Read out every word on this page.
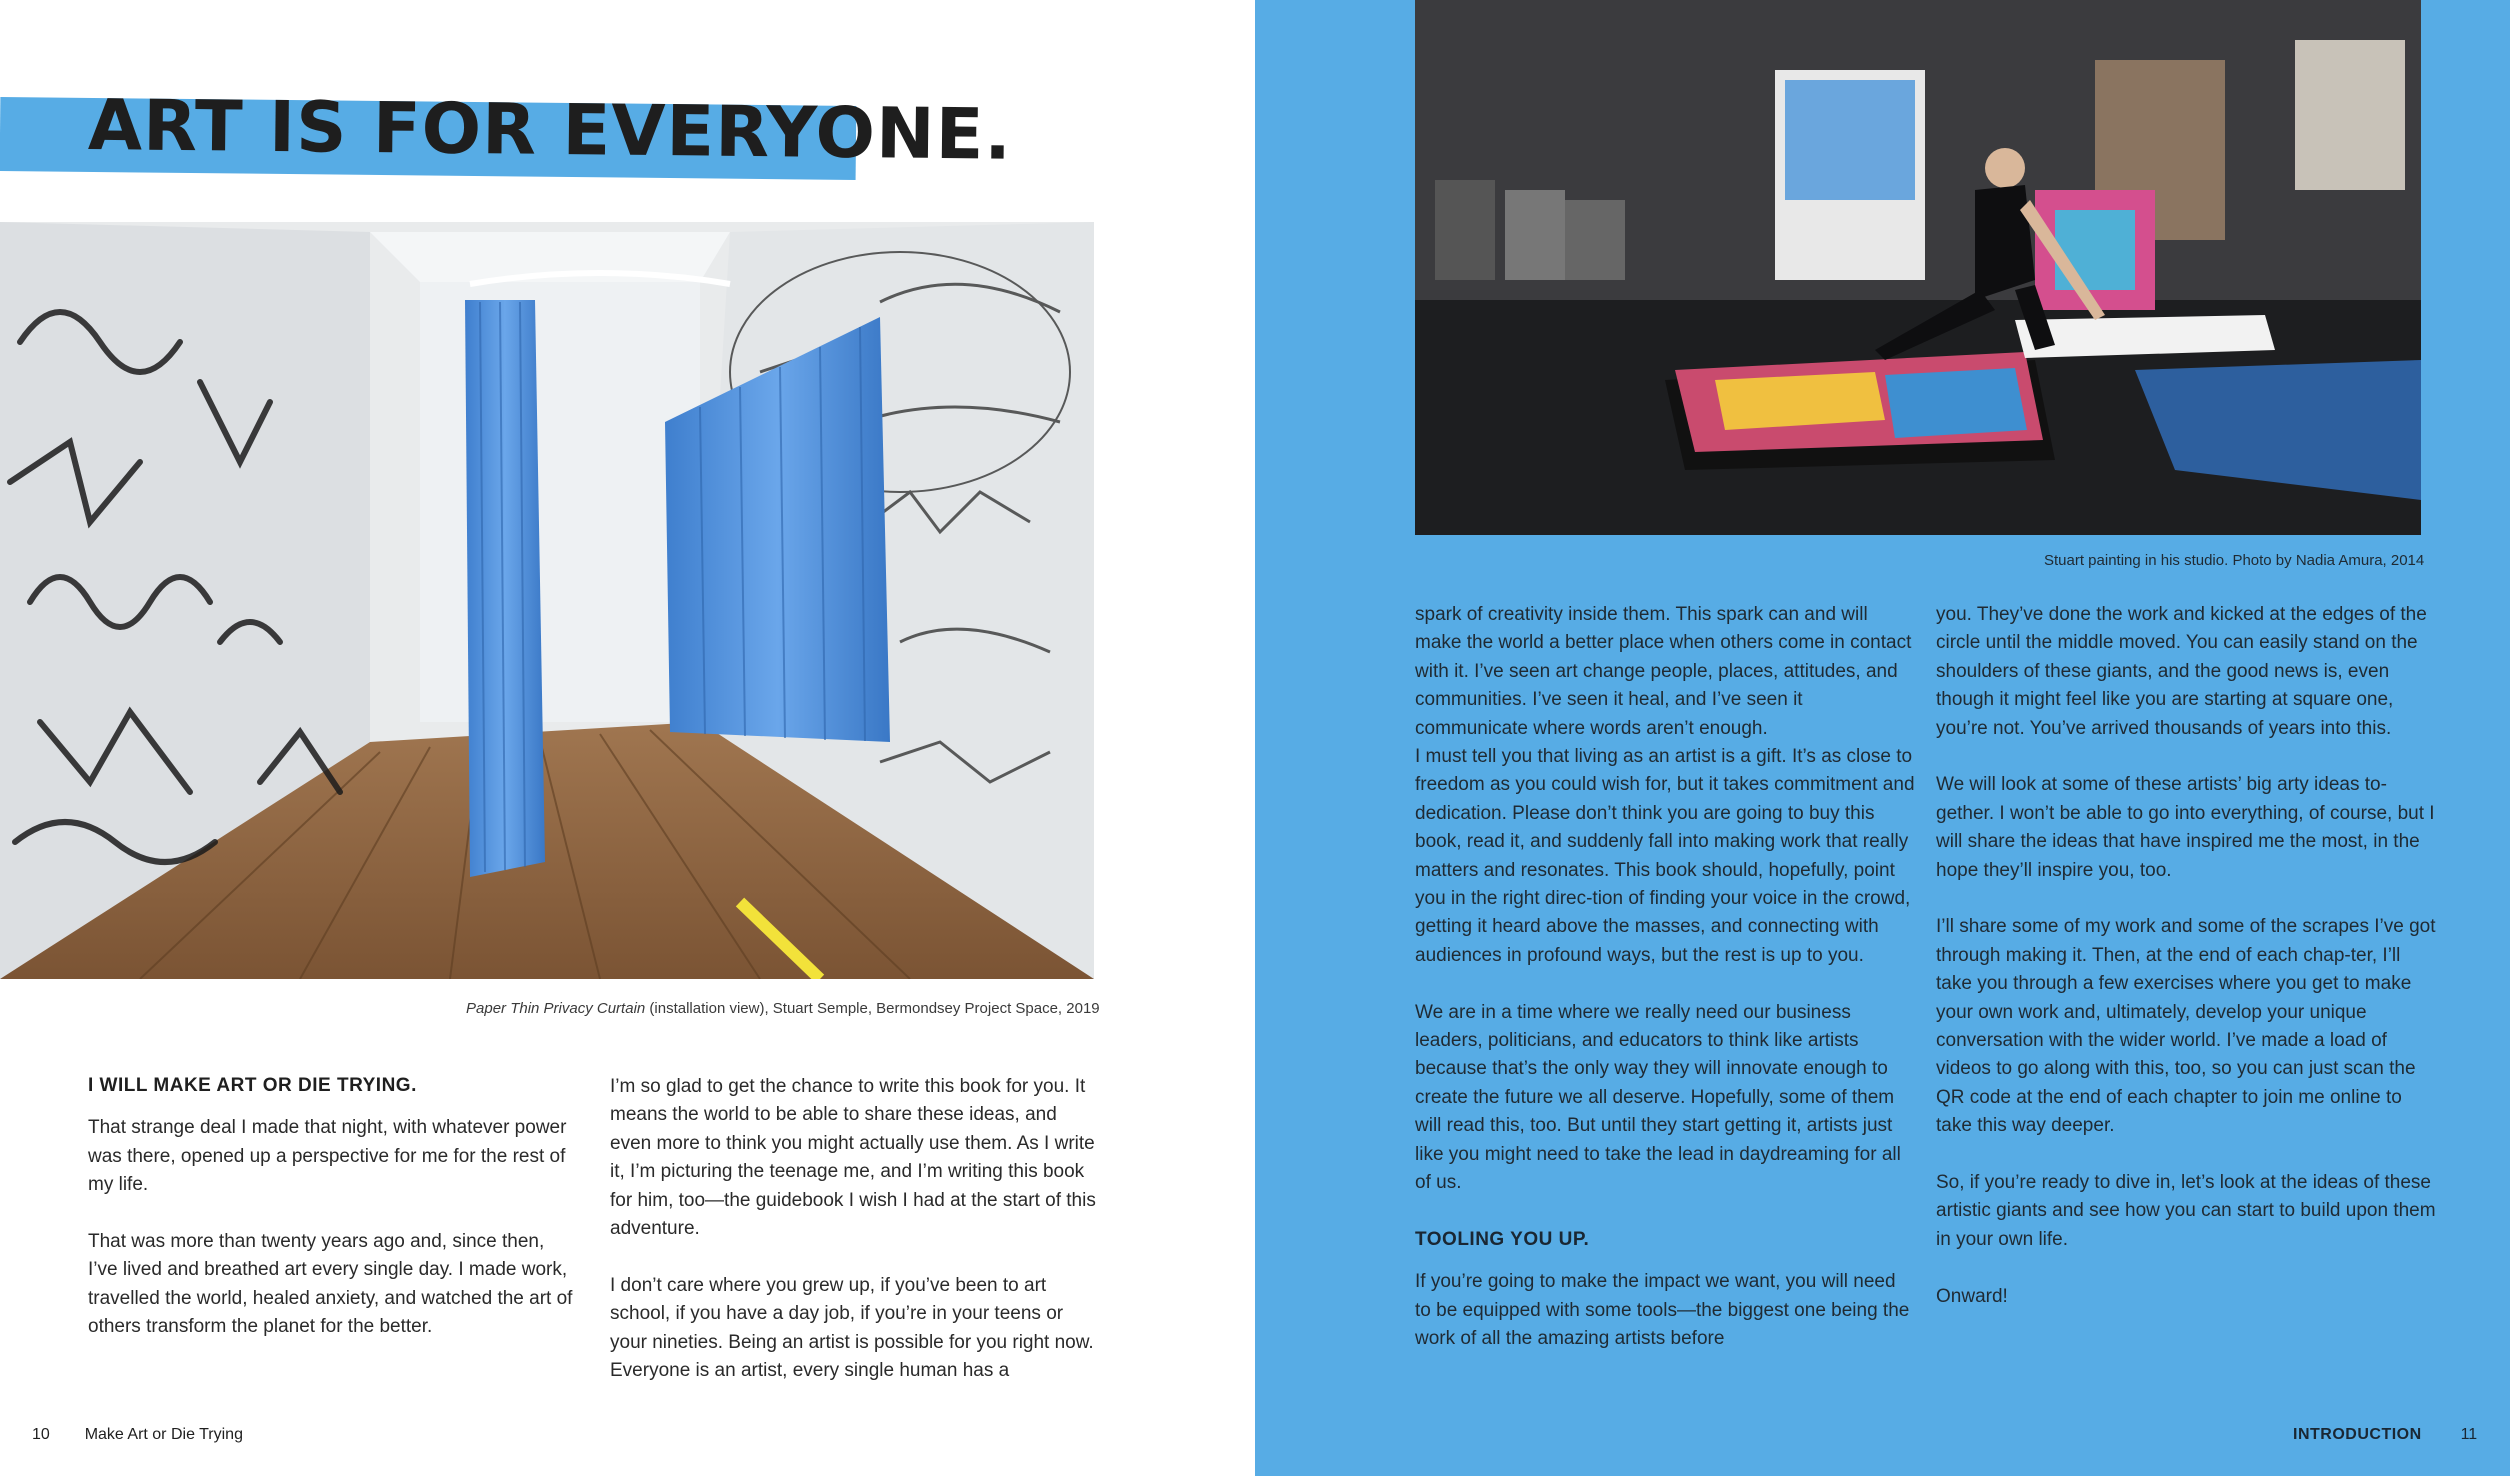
ART IS FOR EVERYONE.
Paper Thin Privacy Curtain (installation view), Stuart Semple, Bermondsey Project Space, 2019
I WILL MAKE ART OR DIE TRYING.

That strange deal I made that night, with whatever power was there, opened up a perspective for me for the rest of my life.

That was more than twenty years ago and, since then, I’ve lived and breathed art every single day. I made work, travelled the world, healed anxiety, and watched the art of others transform the planet for the better.

I’m so glad to get the chance to write this book for you. It means the world to be able to share these ideas, and even more to think you might actually use them. As I write it, I’m picturing the teenage me, and I’m writing this book for him, too—the guidebook I wish I had at the start of this adventure.

I don’t care where you grew up, if you’ve been to art school, if you have a day job, if you’re in your teens or your nineties. Being an artist is possible for you right now. Everyone is an artist, every single human has a

10 Make Art or Die Trying
Stuart painting in his studio. Photo by Nadia Amura, 2014

spark of creativity inside them. This spark can and will make the world a better place when others come in contact with it. I’ve seen art change people, places, attitudes, and communities. I’ve seen it heal, and I’ve seen it communicate where words aren’t enough.

I must tell you that living as an artist is a gift. It’s as close to freedom as you could wish for, but it takes commitment and dedication. Please don’t think you are going to buy this book, read it, and suddenly fall into making work that really matters and resonates. This book should, hopefully, point you in the right direc-tion of finding your voice in the crowd, getting it heard above the masses, and connecting with audiences in profound ways, but the rest is up to you.

We are in a time where we really need our business leaders, politicians, and educators to think like artists because that’s the only way they will innovate enough to create the future we all deserve. Hopefully, some of them will read this, too. But until they start getting it, artists just like you might need to take the lead in daydreaming for all of us.

TOOLING YOU UP.

If you’re going to make the impact we want, you will need to be equipped with some tools—the biggest one being the work of all the amazing artists before

you. They’ve done the work and kicked at the edges of the circle until the middle moved. You can easily stand on the shoulders of these giants, and the good news is, even though it might feel like you are starting at square one, you’re not. You’ve arrived thousands of years into this.

We will look at some of these artists’ big arty ideas to-gether. I won’t be able to go into everything, of course, but I will share the ideas that have inspired me the most, in the hope they’ll inspire you, too.

I’ll share some of my work and some of the scrapes I’ve got through making it. Then, at the end of each chap-ter, I’ll take you through a few exercises where you get to make your own work and, ultimately, develop your unique conversation with the wider world. I’ve made a load of videos to go along with this, too, so you can just scan the QR code at the end of each chapter to join me online to take this way deeper.

So, if you’re ready to dive in, let’s look at the ideas of these artistic giants and see how you can start to build upon them in your own life.

Onward!

INTRODUCTION 11
